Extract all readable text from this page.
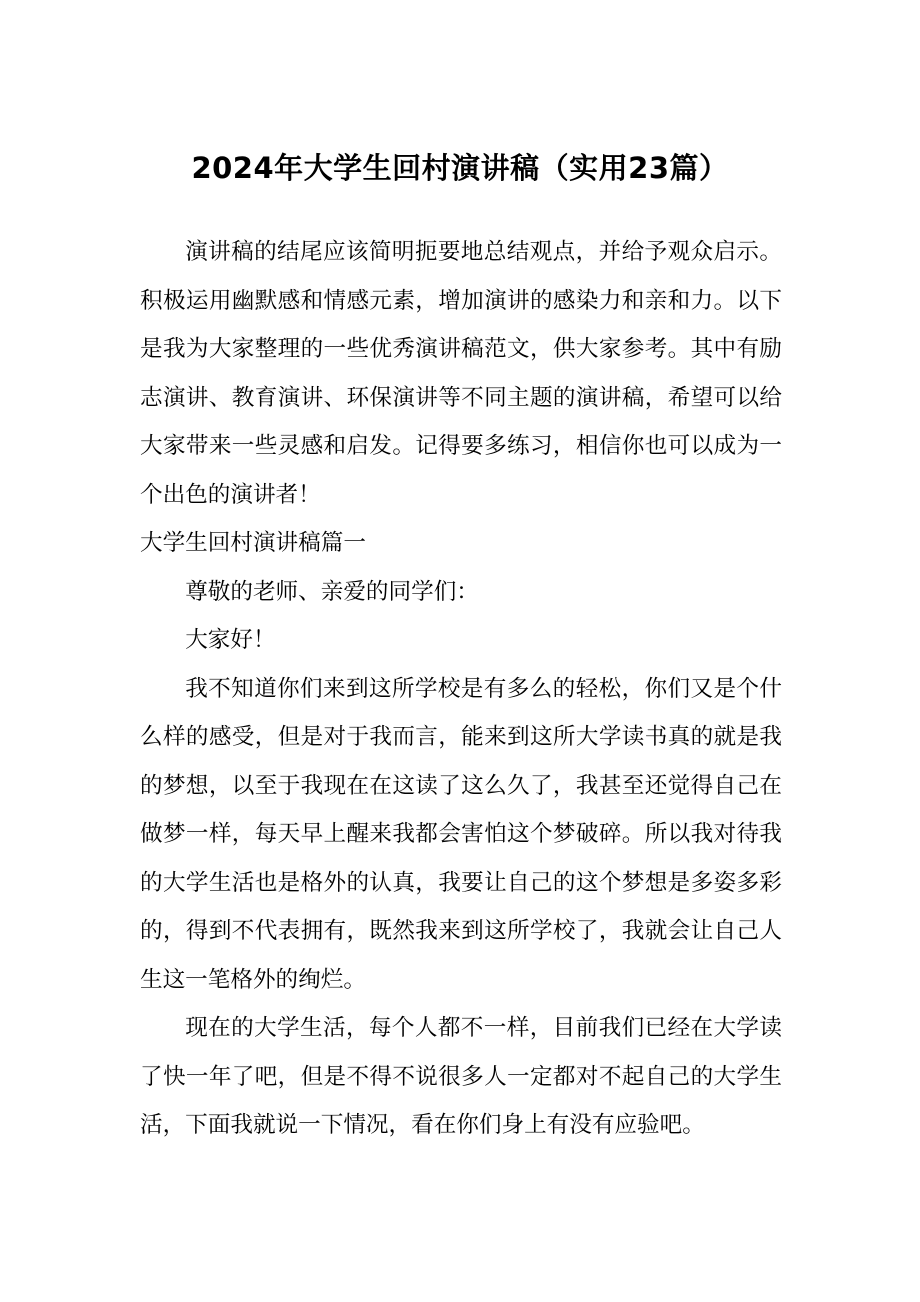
2024年大学生回村演讲稿（实用23篇）

演讲稿的结尾应该简明扼要地总结观点，并给予观众启示。积极运用幽默感和情感元素，增加演讲的感染力和亲和力。以下是我为大家整理的一些优秀演讲稿范文，供大家参考。其中有励志演讲、教育演讲、环保演讲等不同主题的演讲稿，希望可以给大家带来一些灵感和启发。记得要多练习，相信你也可以成为一个出色的演讲者！

大学生回村演讲稿篇一

尊敬的老师、亲爱的同学们：

大家好！

我不知道你们来到这所学校是有多么的轻松，你们又是个什么样的感受，但是对于我而言，能来到这所大学读书真的就是我的梦想，以至于我现在在这读了这么久了，我甚至还觉得自己在做梦一样，每天早上醒来我都会害怕这个梦破碎。所以我对待我的大学生活也是格外的认真，我要让自己的这个梦想是多姿多彩的，得到不代表拥有，既然我来到这所学校了，我就会让自己人生这一笔格外的绚烂。

现在的大学生活，每个人都不一样，目前我们已经在大学读了快一年了吧，但是不得不说很多人一定都对不起自己的大学生活，下面我就说一下情况，看在你们身上有没有应验吧。
